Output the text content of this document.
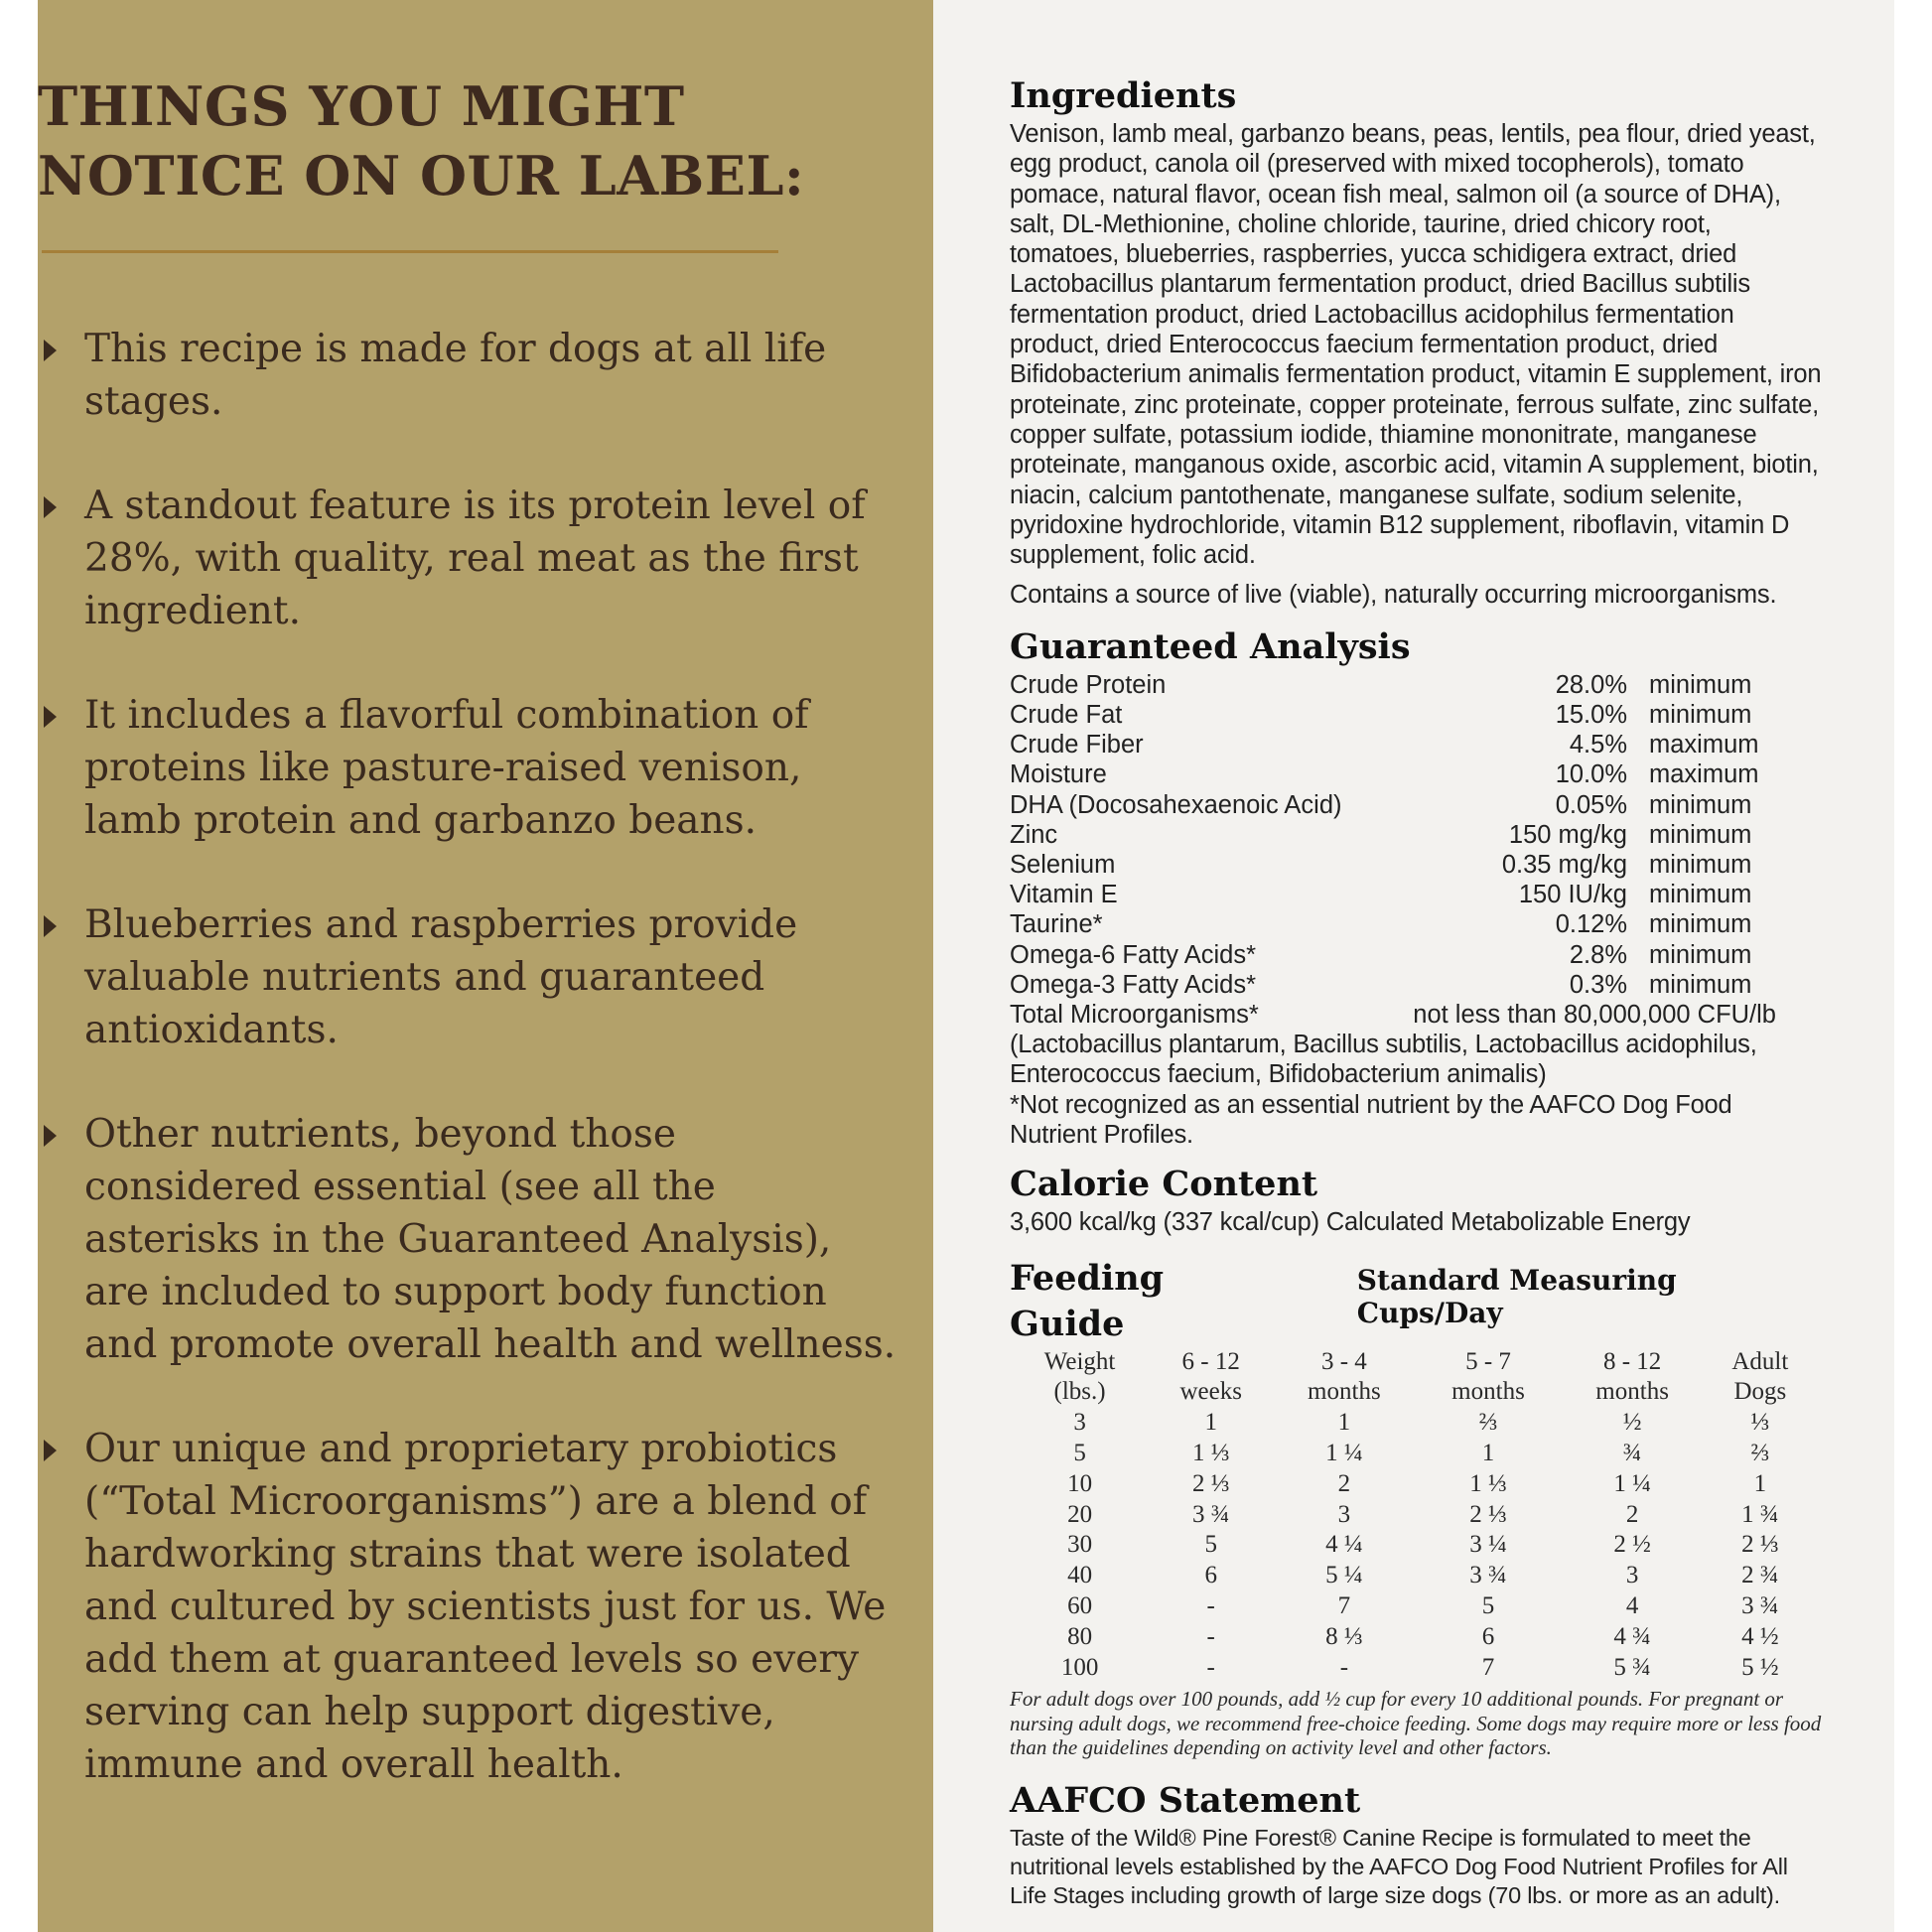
THINGS YOU MIGHT NOTICE ON OUR LABEL:
This recipe is made for dogs at all life stages.
A standout feature is its protein level of 28%, with quality, real meat as the first ingredient.
It includes a flavorful combination of proteins like pasture-raised venison, lamb protein and garbanzo beans.
Blueberries and raspberries provide valuable nutrients and guaranteed antioxidants.
Other nutrients, beyond those considered essential (see all the asterisks in the Guaranteed Analysis), are included to support body function and promote overall health and wellness.
Our unique and proprietary probiotics (“Total Microorganisms”) are a blend of hardworking strains that were isolated and cultured by scientists just for us. We add them at guaranteed levels so every serving can help support digestive, immune and overall health.
Ingredients

Venison, lamb meal, garbanzo beans, peas, lentils, pea flour, dried yeast, egg product, canola oil (preserved with mixed tocopherols), tomato pomace, natural flavor, ocean fish meal, salmon oil (a source of DHA), salt, DL-Methionine, choline chloride, taurine, dried chicory root, tomatoes, blueberries, raspberries, yucca schidigera extract, dried Lactobacillus plantarum fermentation product, dried Bacillus subtilis fermentation product, dried Lactobacillus acidophilus fermentation product, dried Enterococcus faecium fermentation product, dried Bifidobacterium animalis fermentation product, vitamin E supplement, iron proteinate, zinc proteinate, copper proteinate, ferrous sulfate, zinc sulfate, copper sulfate, potassium iodide, thiamine mononitrate, manganese proteinate, manganous oxide, ascorbic acid, vitamin A supplement, biotin, niacin, calcium pantothenate, manganese sulfate, sodium selenite, pyridoxine hydrochloride, vitamin B12 supplement, riboflavin, vitamin D supplement, folic acid.

Contains a source of live (viable), naturally occurring microorganisms.

Guaranteed Analysis
Crude Protein	28.0%	minimum
Crude Fat	15.0%	minimum
Crude Fiber	4.5%	maximum
Moisture	10.0%	maximum
DHA (Docosahexaenoic Acid)	0.05%	minimum
Zinc	150 mg/kg	minimum
Selenium	0.35 mg/kg	minimum
Vitamin E	150 IU/kg	minimum
Taurine*	0.12%	minimum
Omega-6 Fatty Acids*	2.8%	minimum
Omega-3 Fatty Acids*	0.3%	minimum
Total Microorganisms*	not less than 80,000,000 CFU/lb	

(Lactobacillus plantarum, Bacillus subtilis, Lactobacillus acidophilus, Enterococcus faecium, Bifidobacterium animalis)

*Not recognized as an essential nutrient by the AAFCO Dog Food Nutrient Profiles.

Calorie Content

3,600 kcal/kg (337 kcal/cup) Calculated Metabolizable Energy

Feeding Guide
Standard Measuring Cups/Day
Weight	6 - 12	3 - 4	5 - 7	8 - 12	Adult
(lbs.)	weeks	months	months	months	Dogs
3	1	1	⅔	½	⅓
5	1 ⅓	1 ¼	1	¾	⅔
10	2 ⅓	2	1 ⅓	1 ¼	1
20	3 ¾	3	2 ⅓	2	1 ¾
30	5	4 ¼	3 ¼	2 ½	2 ⅓
40	6	5 ¼	3 ¾	3	2 ¾
60	-	7	5	4	3 ¾
80	-	8 ⅓	6	4 ¾	4 ½
100	-	-	7	5 ¾	5 ½

For adult dogs over 100 pounds, add ½ cup for every 10 additional pounds. For pregnant or nursing adult dogs, we recommend free-choice feeding. Some dogs may require more or less food than the guidelines depending on activity level and other factors.

AAFCO Statement

Taste of the Wild® Pine Forest® Canine Recipe is formulated to meet the nutritional levels established by the AAFCO Dog Food Nutrient Profiles for All Life Stages including growth of large size dogs (70 lbs. or more as an adult).
